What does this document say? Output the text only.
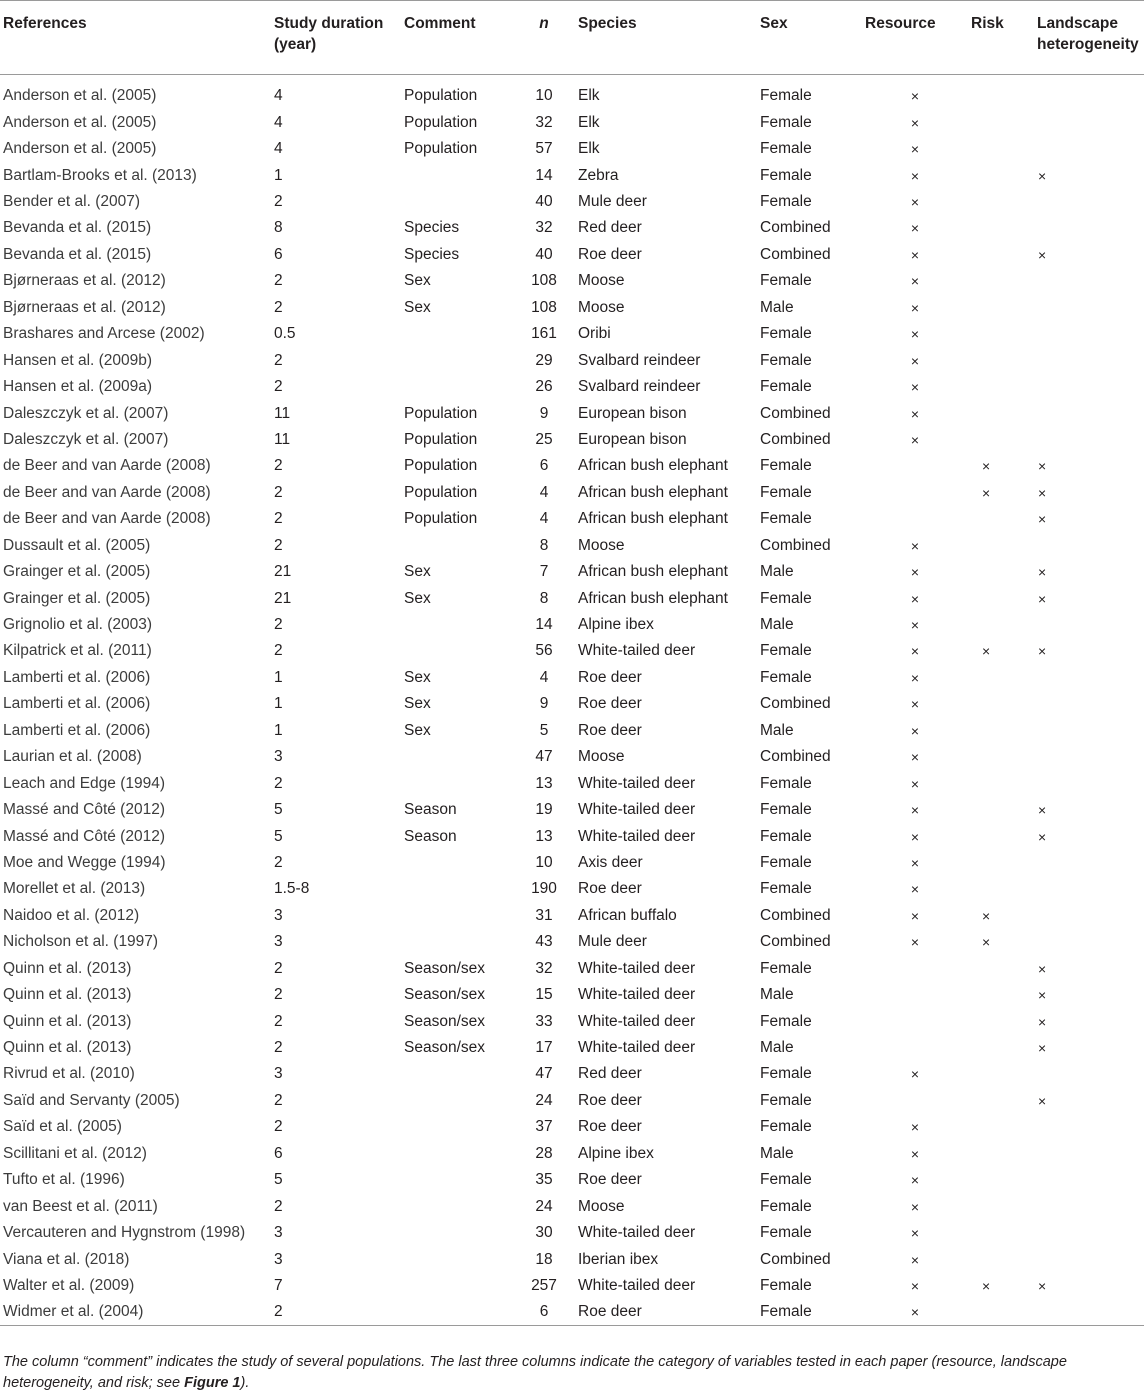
References	Study duration (year)	Comment	n	Species	Sex	Resource	Risk	Landscape heterogeneity
Anderson et al. (2005)	4	Population	10	Elk	Female	×		
Anderson et al. (2005)	4	Population	32	Elk	Female	×		
Anderson et al. (2005)	4	Population	57	Elk	Female	×		
Bartlam-Brooks et al. (2013)	1		14	Zebra	Female	×		×
Bender et al. (2007)	2		40	Mule deer	Female	×		
Bevanda et al. (2015)	8	Species	32	Red deer	Combined	×		
Bevanda et al. (2015)	6	Species	40	Roe deer	Combined	×		×
Bjørneraas et al. (2012)	2	Sex	108	Moose	Female	×		
Bjørneraas et al. (2012)	2	Sex	108	Moose	Male	×		
Brashares and Arcese (2002)	0.5		161	Oribi	Female	×		
Hansen et al. (2009b)	2		29	Svalbard reindeer	Female	×		
Hansen et al. (2009a)	2		26	Svalbard reindeer	Female	×		
Daleszczyk et al. (2007)	11	Population	9	European bison	Combined	×		
Daleszczyk et al. (2007)	11	Population	25	European bison	Combined	×		
de Beer and van Aarde (2008)	2	Population	6	African bush elephant	Female		×	×
de Beer and van Aarde (2008)	2	Population	4	African bush elephant	Female		×	×
de Beer and van Aarde (2008)	2	Population	4	African bush elephant	Female			×
Dussault et al. (2005)	2		8	Moose	Combined	×		
Grainger et al. (2005)	21	Sex	7	African bush elephant	Male	×		×
Grainger et al. (2005)	21	Sex	8	African bush elephant	Female	×		×
Grignolio et al. (2003)	2		14	Alpine ibex	Male	×		
Kilpatrick et al. (2011)	2		56	White-tailed deer	Female	×	×	×
Lamberti et al. (2006)	1	Sex	4	Roe deer	Female	×		
Lamberti et al. (2006)	1	Sex	9	Roe deer	Combined	×		
Lamberti et al. (2006)	1	Sex	5	Roe deer	Male	×		
Laurian et al. (2008)	3		47	Moose	Combined	×		
Leach and Edge (1994)	2		13	White-tailed deer	Female	×		
Massé and Côté (2012)	5	Season	19	White-tailed deer	Female	×		×
Massé and Côté (2012)	5	Season	13	White-tailed deer	Female	×		×
Moe and Wegge (1994)	2		10	Axis deer	Female	×		
Morellet et al. (2013)	1.5-8		190	Roe deer	Female	×		
Naidoo et al. (2012)	3		31	African buffalo	Combined	×	×	
Nicholson et al. (1997)	3		43	Mule deer	Combined	×	×	
Quinn et al. (2013)	2	Season/sex	32	White-tailed deer	Female			×
Quinn et al. (2013)	2	Season/sex	15	White-tailed deer	Male			×
Quinn et al. (2013)	2	Season/sex	33	White-tailed deer	Female			×
Quinn et al. (2013)	2	Season/sex	17	White-tailed deer	Male			×
Rivrud et al. (2010)	3		47	Red deer	Female	×		
Saïd and Servanty (2005)	2		24	Roe deer	Female			×
Saïd et al. (2005)	2		37	Roe deer	Female	×		
Scillitani et al. (2012)	6		28	Alpine ibex	Male	×		
Tufto et al. (1996)	5		35	Roe deer	Female	×		
van Beest et al. (2011)	2		24	Moose	Female	×		
Vercauteren and Hygnstrom (1998)	3		30	White-tailed deer	Female	×		
Viana et al. (2018)	3		18	Iberian ibex	Combined	×		
Walter et al. (2009)	7		257	White-tailed deer	Female	×	×	×
Widmer et al. (2004)	2		6	Roe deer	Female	×		
The column “comment” indicates the study of several populations. The last three columns indicate the category of variables tested in each paper (resource, landscape heterogeneity, and risk; see Figure 1).
